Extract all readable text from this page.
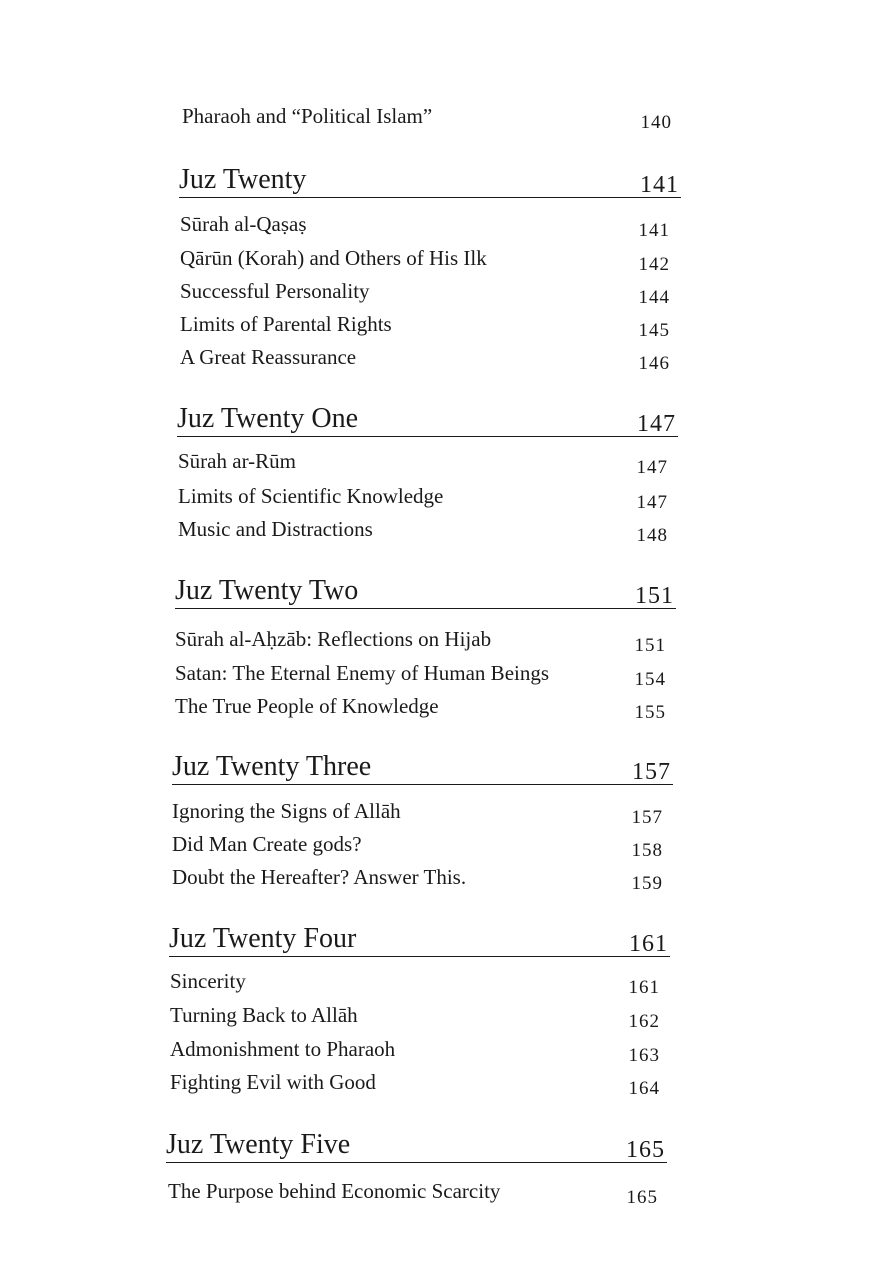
Pharaoh and “Political Islam”	140
Juz Twenty	141
Sūrah al-Qaṣaṣ	141
Qārūn (Korah) and Others of His Ilk	142
Successful Personality	144
Limits of Parental Rights	145
A Great Reassurance	146
Juz Twenty One	147
Sūrah ar-Rūm	147
Limits of Scientific Knowledge	147
Music and Distractions	148
Juz Twenty Two	151
Sūrah al-Aḥzāb: Reflections on Hijab	151
Satan: The Eternal Enemy of Human Beings	154
The True People of Knowledge	155
Juz Twenty Three	157
Ignoring the Signs of Allāh	157
Did Man Create gods?	158
Doubt the Hereafter? Answer This.	159
Juz Twenty Four	161
Sincerity	161
Turning Back to Allāh	162
Admonishment to Pharaoh	163
Fighting Evil with Good	164
Juz Twenty Five	165
The Purpose behind Economic Scarcity	165
